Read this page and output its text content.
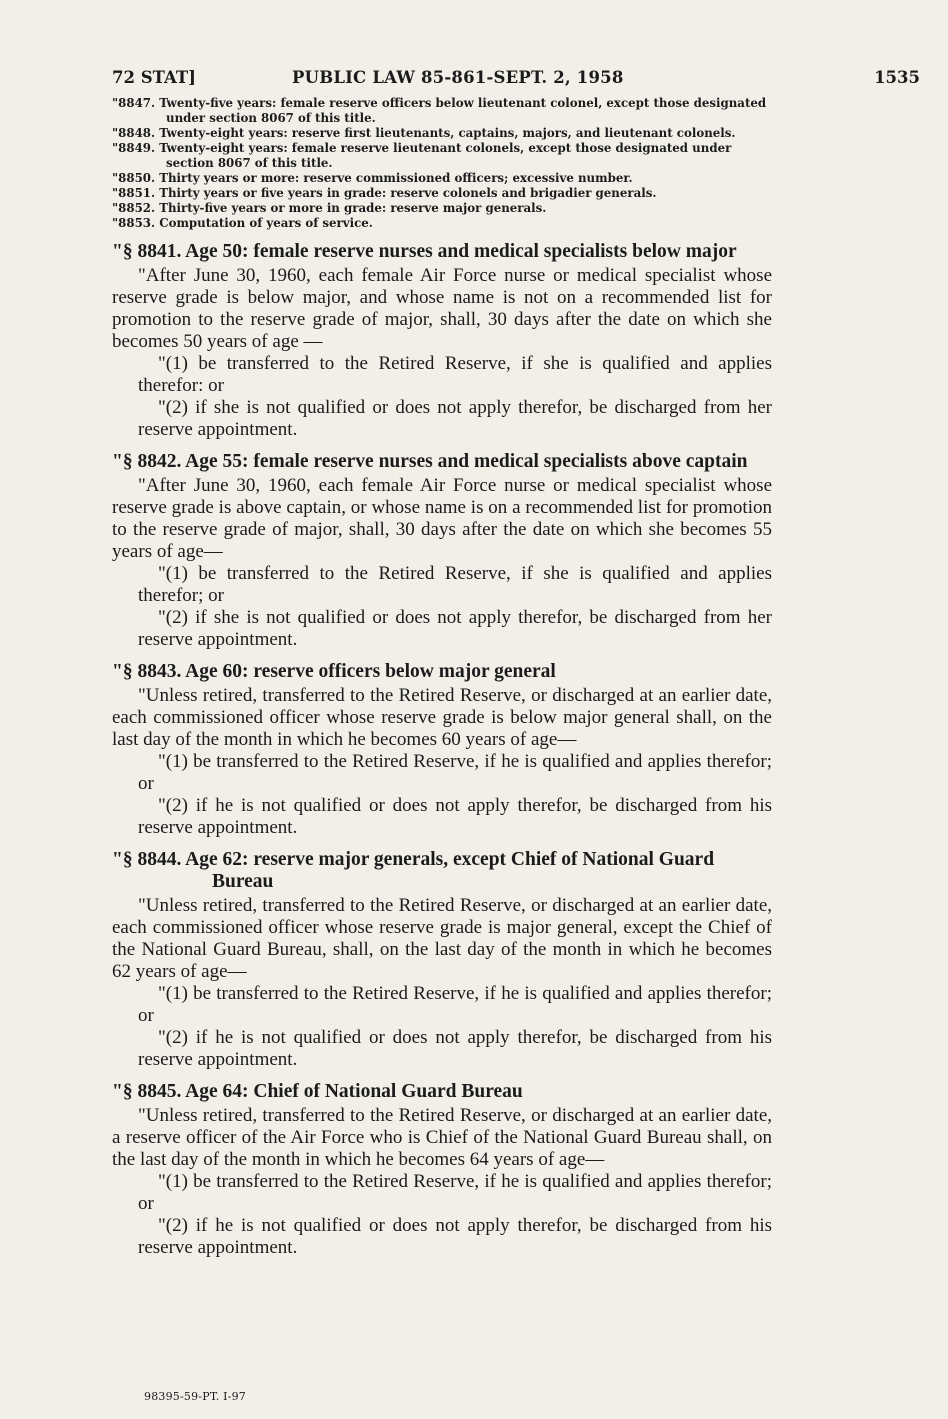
72 STAT]	PUBLIC LAW 85-861-SEPT. 2, 1958	1535

"8847. Twenty-five years: female reserve officers below lieutenant colonel, except those designated under section 8067 of this title.

"8848. Twenty-eight years: reserve first lieutenants, captains, majors, and lieutenant colonels.

"8849. Twenty-eight years: female reserve lieutenant colonels, except those designated under section 8067 of this title.

"8850. Thirty years or more: reserve commissioned officers; excessive number.

"8851. Thirty years or five years in grade: reserve colonels and brigadier generals.

"8852. Thirty-five years or more in grade: reserve major generals.

"8853. Computation of years of service.

"§ 8841. Age 50: female reserve nurses and medical specialists below major

"After June 30, 1960, each female Air Force nurse or medical specialist whose reserve grade is below major, and whose name is not on a recommended list for promotion to the reserve grade of major, shall, 30 days after the date on which she becomes 50 years of age —

"(1) be transferred to the Retired Reserve, if she is qualified and applies therefor: or

"(2) if she is not qualified or does not apply therefor, be discharged from her reserve appointment.

"§ 8842. Age 55: female reserve nurses and medical specialists above captain

"After June 30, 1960, each female Air Force nurse or medical specialist whose reserve grade is above captain, or whose name is on a recommended list for promotion to the reserve grade of major, shall, 30 days after the date on which she becomes 55 years of age—

"(1) be transferred to the Retired Reserve, if she is qualified and applies therefor; or

"(2) if she is not qualified or does not apply therefor, be discharged from her reserve appointment.

"§ 8843. Age 60: reserve officers below major general

"Unless retired, transferred to the Retired Reserve, or discharged at an earlier date, each commissioned officer whose reserve grade is below major general shall, on the last day of the month in which he becomes 60 years of age—

"(1) be transferred to the Retired Reserve, if he is qualified and applies therefor; or

"(2) if he is not qualified or does not apply therefor, be discharged from his reserve appointment.

"§ 8844. Age 62: reserve major generals, except Chief of National Guard Bureau

"Unless retired, transferred to the Retired Reserve, or discharged at an earlier date, each commissioned officer whose reserve grade is major general, except the Chief of the National Guard Bureau, shall, on the last day of the month in which he becomes 62 years of age—

"(1) be transferred to the Retired Reserve, if he is qualified and applies therefor; or

"(2) if he is not qualified or does not apply therefor, be discharged from his reserve appointment.

"§ 8845. Age 64: Chief of National Guard Bureau

"Unless retired, transferred to the Retired Reserve, or discharged at an earlier date, a reserve officer of the Air Force who is Chief of the National Guard Bureau shall, on the last day of the month in which he becomes 64 years of age—

"(1) be transferred to the Retired Reserve, if he is qualified and applies therefor; or

"(2) if he is not qualified or does not apply therefor, be discharged from his reserve appointment.

98395-59-PT. I-97
